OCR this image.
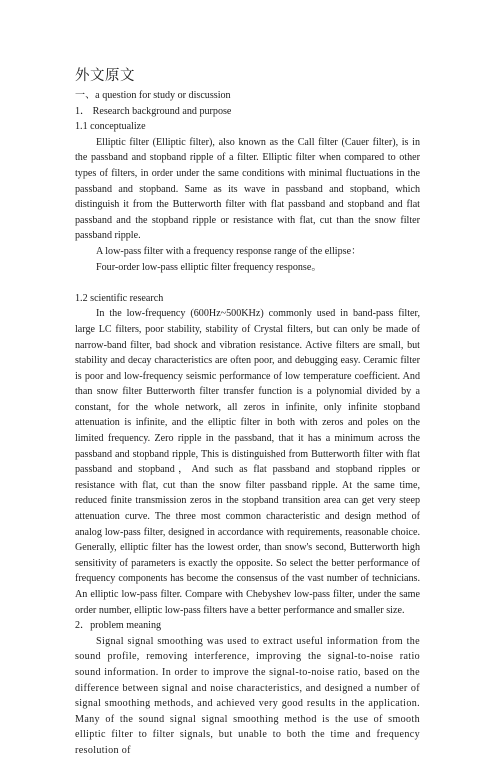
外文原文

一、a question for study or discussion

1． Research background and purpose

1.1 conceptualize

Elliptic filter (Elliptic filter), also known as the Call filter (Cauer filter), is in the passband and stopband ripple of a filter. Elliptic filter when compared to other types of filters, in order under the same conditions with minimal fluctuations in the passband and stopband. Same as its wave in passband and stopband, which distinguish it from the Butterworth filter with flat passband and stopband and flat passband and the stopband ripple or resistance with flat, cut than the snow filter passband ripple.

A low-pass filter with a frequency response range of the ellipse：

Four-order low-pass elliptic filter frequency response。

1.2 scientific research

In the low-frequency (600Hz~500KHz) commonly used in band-pass filter, large LC filters, poor stability, stability of Crystal filters, but can only be made of narrow-band filter, bad shock and vibration resistance. Active filters are small, but stability and decay characteristics are often poor, and debugging easy. Ceramic filter is poor and low-frequency seismic performance of low temperature coefficient. And than snow filter Butterworth filter transfer function is a polynomial divided by a constant, for the whole network, all zeros in infinite, only infinite stopband attenuation is infinite, and the elliptic filter in both with zeros and poles on the limited frequency. Zero ripple in the passband, that it has a minimum across the passband and stopband ripple, This is distinguished from Butterworth filter with flat passband and stopband，And such as flat passband and stopband ripples or resistance with flat, cut than the snow filter passband ripple. At the same time, reduced finite transmission zeros in the stopband transition area can get very steep attenuation curve. The three most common characteristic and design method of analog low-pass filter, designed in accordance with requirements, reasonable choice. Generally, elliptic filter has the lowest order, than snow's second, Butterworth high sensitivity of parameters is exactly the opposite. So select the better performance of frequency components has become the consensus of the vast number of technicians. An elliptic low-pass filter. Compare with Chebyshev low-pass filter, under the same order number, elliptic low-pass filters have a better performance and smaller size.

2．problem meaning

Signal signal smoothing was used to extract useful information from the sound profile, removing interference, improving the signal-to-noise ratio sound information. In order to improve the signal-to-noise ratio, based on the difference between signal and noise characteristics, and designed a number of signal smoothing methods, and achieved very good results in the application. Many of the sound signal signal smoothing method is the use of smooth elliptic filter to filter signals, but unable to both the time and frequency resolution of
